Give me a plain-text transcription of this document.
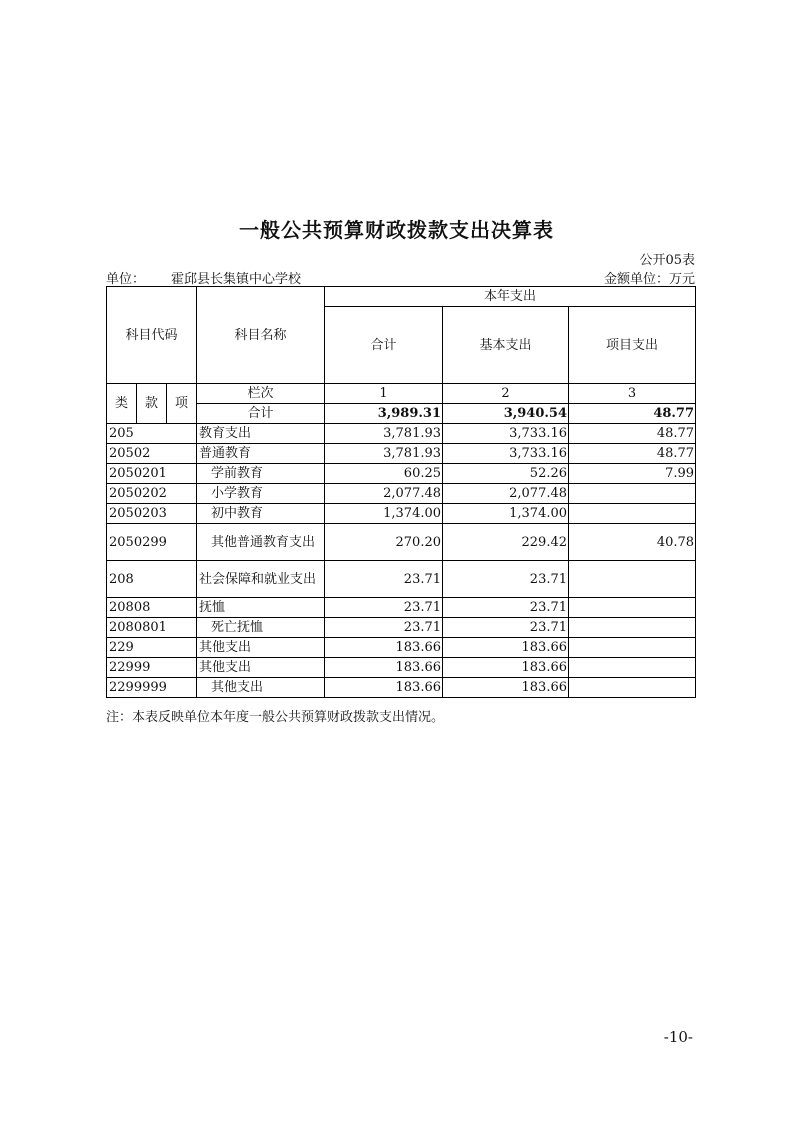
一般公共预算财政拨款支出决算表
公开05表
单位： 霍邱县长集镇中心学校	金额单位：万元
科目代码			科目名称	本年支出		
				合计	基本支出	项目支出
类	款	项	栏次	1	2	3
			合计	3,989.31	3,940.54	48.77
205			教育支出	3,781.93	3,733.16	48.77
20502			普通教育	3,781.93	3,733.16	48.77
2050201			学前教育	60.25	52.26	7.99
2050202			小学教育	2,077.48	2,077.48	
2050203			初中教育	1,374.00	1,374.00	
2050299			其他普通教育支出	270.20	229.42	40.78
208			社会保障和就业支出	23.71	23.71	
20808			抚恤	23.71	23.71	
2080801			死亡抚恤	23.71	23.71	
229			其他支出	183.66	183.66	
22999			其他支出	183.66	183.66	
2299999			其他支出	183.66	183.66	
注：本表反映单位本年度一般公共预算财政拨款支出情况。
-10-
